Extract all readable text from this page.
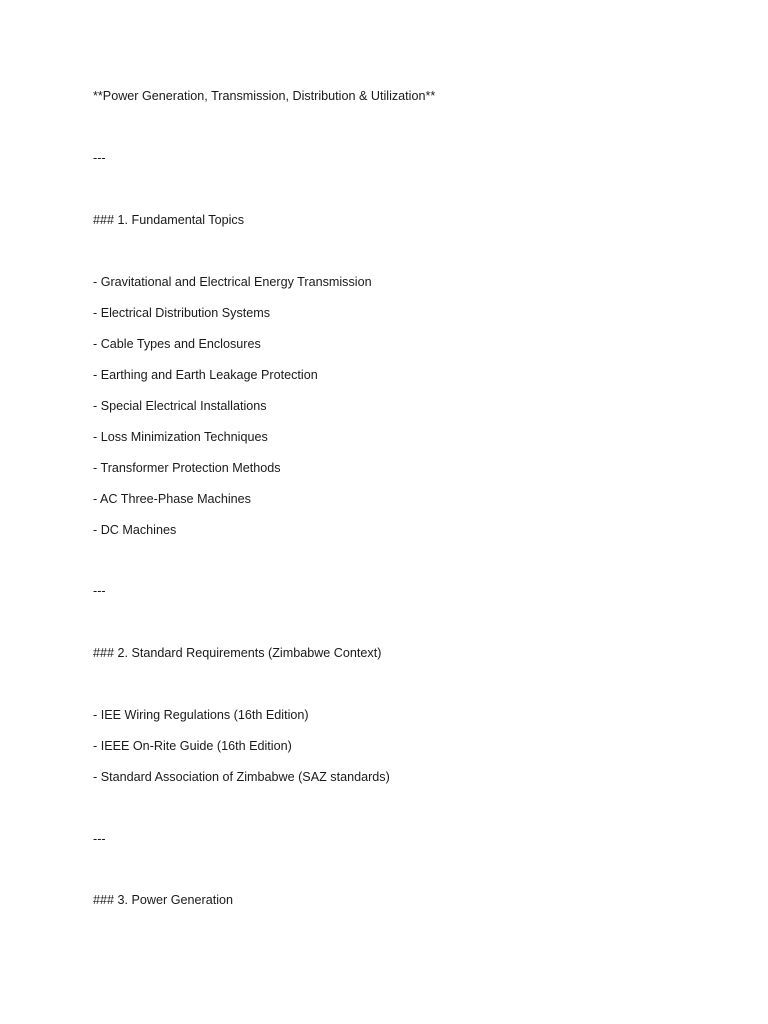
**Power Generation, Transmission, Distribution & Utilization**
---
### 1. Fundamental Topics
- Gravitational and Electrical Energy Transmission
- Electrical Distribution Systems
- Cable Types and Enclosures
- Earthing and Earth Leakage Protection
- Special Electrical Installations
- Loss Minimization Techniques
- Transformer Protection Methods
- AC Three-Phase Machines
- DC Machines
---
### 2. Standard Requirements (Zimbabwe Context)
- IEE Wiring Regulations (16th Edition)
- IEEE On-Rite Guide (16th Edition)
- Standard Association of Zimbabwe (SAZ standards)
---
### 3. Power Generation
